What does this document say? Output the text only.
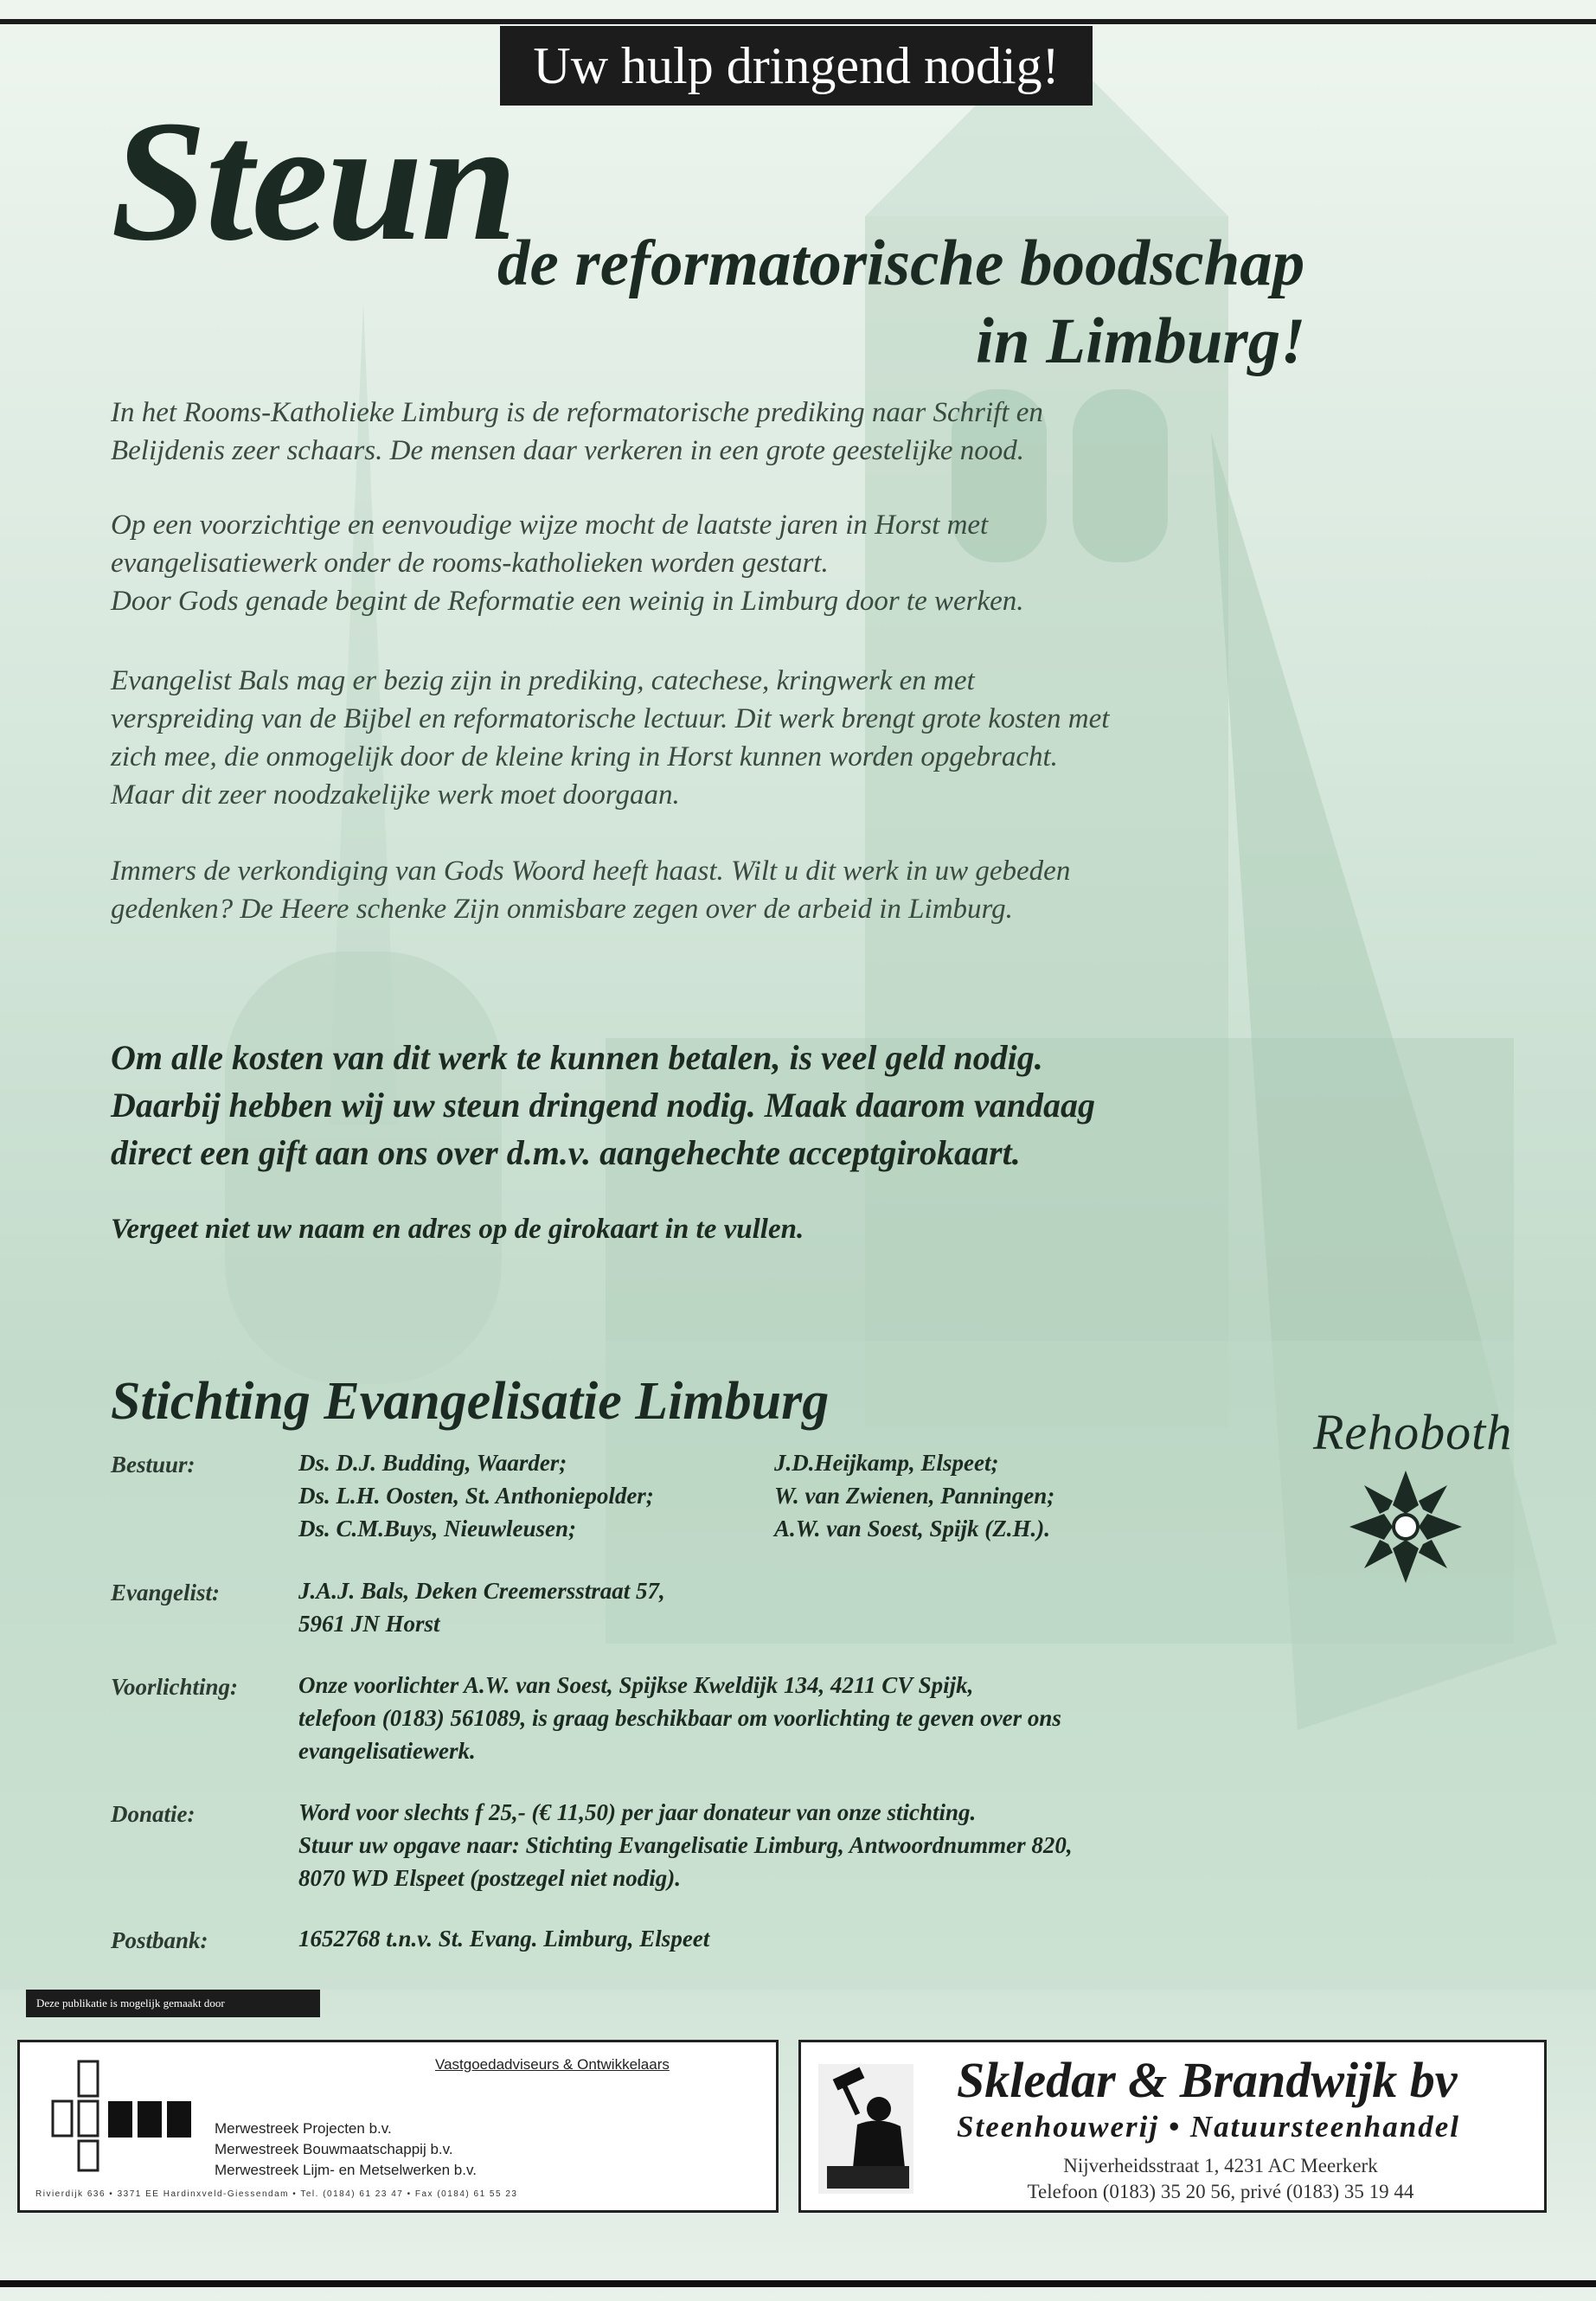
Uw hulp dringend nodig!
Steun
de reformatorische boodschap
in Limburg!
In het Rooms-Katholieke Limburg is de reformatorische prediking naar Schrift en
Belijdenis zeer schaars. De mensen daar verkeren in een grote geestelijke nood.
Op een voorzichtige en eenvoudige wijze mocht de laatste jaren in Horst met
evangelisatiewerk onder de rooms-katholieken worden gestart.
Door Gods genade begint de Reformatie een weinig in Limburg door te werken.
Evangelist Bals mag er bezig zijn in prediking, catechese, kringwerk en met
verspreiding van de Bijbel en reformatorische lectuur. Dit werk brengt grote kosten met
zich mee, die onmogelijk door de kleine kring in Horst kunnen worden opgebracht.
Maar dit zeer noodzakelijke werk moet doorgaan.
Immers de verkondiging van Gods Woord heeft haast. Wilt u dit werk in uw gebeden
gedenken? De Heere schenke Zijn onmisbare zegen over de arbeid in Limburg.
Om alle kosten van dit werk te kunnen betalen, is veel geld nodig.
Daarbij hebben wij uw steun dringend nodig. Maak daarom vandaag
direct een gift aan ons over d.m.v. aangehechte acceptgirokaart.
Vergeet niet uw naam en adres op de girokaart in te vullen.
Stichting Evangelisatie Limburg
Rehoboth
Bestuur:	Ds. D.J. Budding, Waarder;
Ds. L.H. Oosten, St. Anthoniepolder;
Ds. C.M.Buys, Nieuwleusen;
J.D.Heijkamp, Elspeet;
W. van Zwienen, Panningen;
A.W. van Soest, Spijk (Z.H.).
Evangelist:	J.A.J. Bals, Deken Creemersstraat 57,
5961 JN Horst
Voorlichting:	Onze voorlichter A.W. van Soest, Spijkse Kweldijk 134, 4211 CV Spijk,
telefoon (0183) 561089, is graag beschikbaar om voorlichting te geven over ons
evangelisatiewerk.
Donatie:	Word voor slechts f 25,- (€ 11,50) per jaar donateur van onze stichting.
Stuur uw opgave naar: Stichting Evangelisatie Limburg, Antwoordnummer 820,
8070 WD Elspeet (postzegel niet nodig).
Postbank:	1652768 t.n.v. St. Evang. Limburg, Elspeet
Deze publikatie is mogelijk gemaakt door
Vastgoedadviseurs & Ontwikkelaars
Merwestreek Projecten b.v.
Merwestreek Bouwmaatschappij b.v.
Merwestreek Lijm- en Metselwerken b.v.
Rivierdijk 636 • 3371 EE Hardinxveld-Giessendam • Tel. (0184) 61 23 47 • Fax (0184) 61 55 23
Skledar & Brandwijk bv
Steenhouwerij • Natuursteenhandel
Nijverheidsstraat 1, 4231 AC Meerkerk
Telefoon (0183) 35 20 56, privé (0183) 35 19 44
